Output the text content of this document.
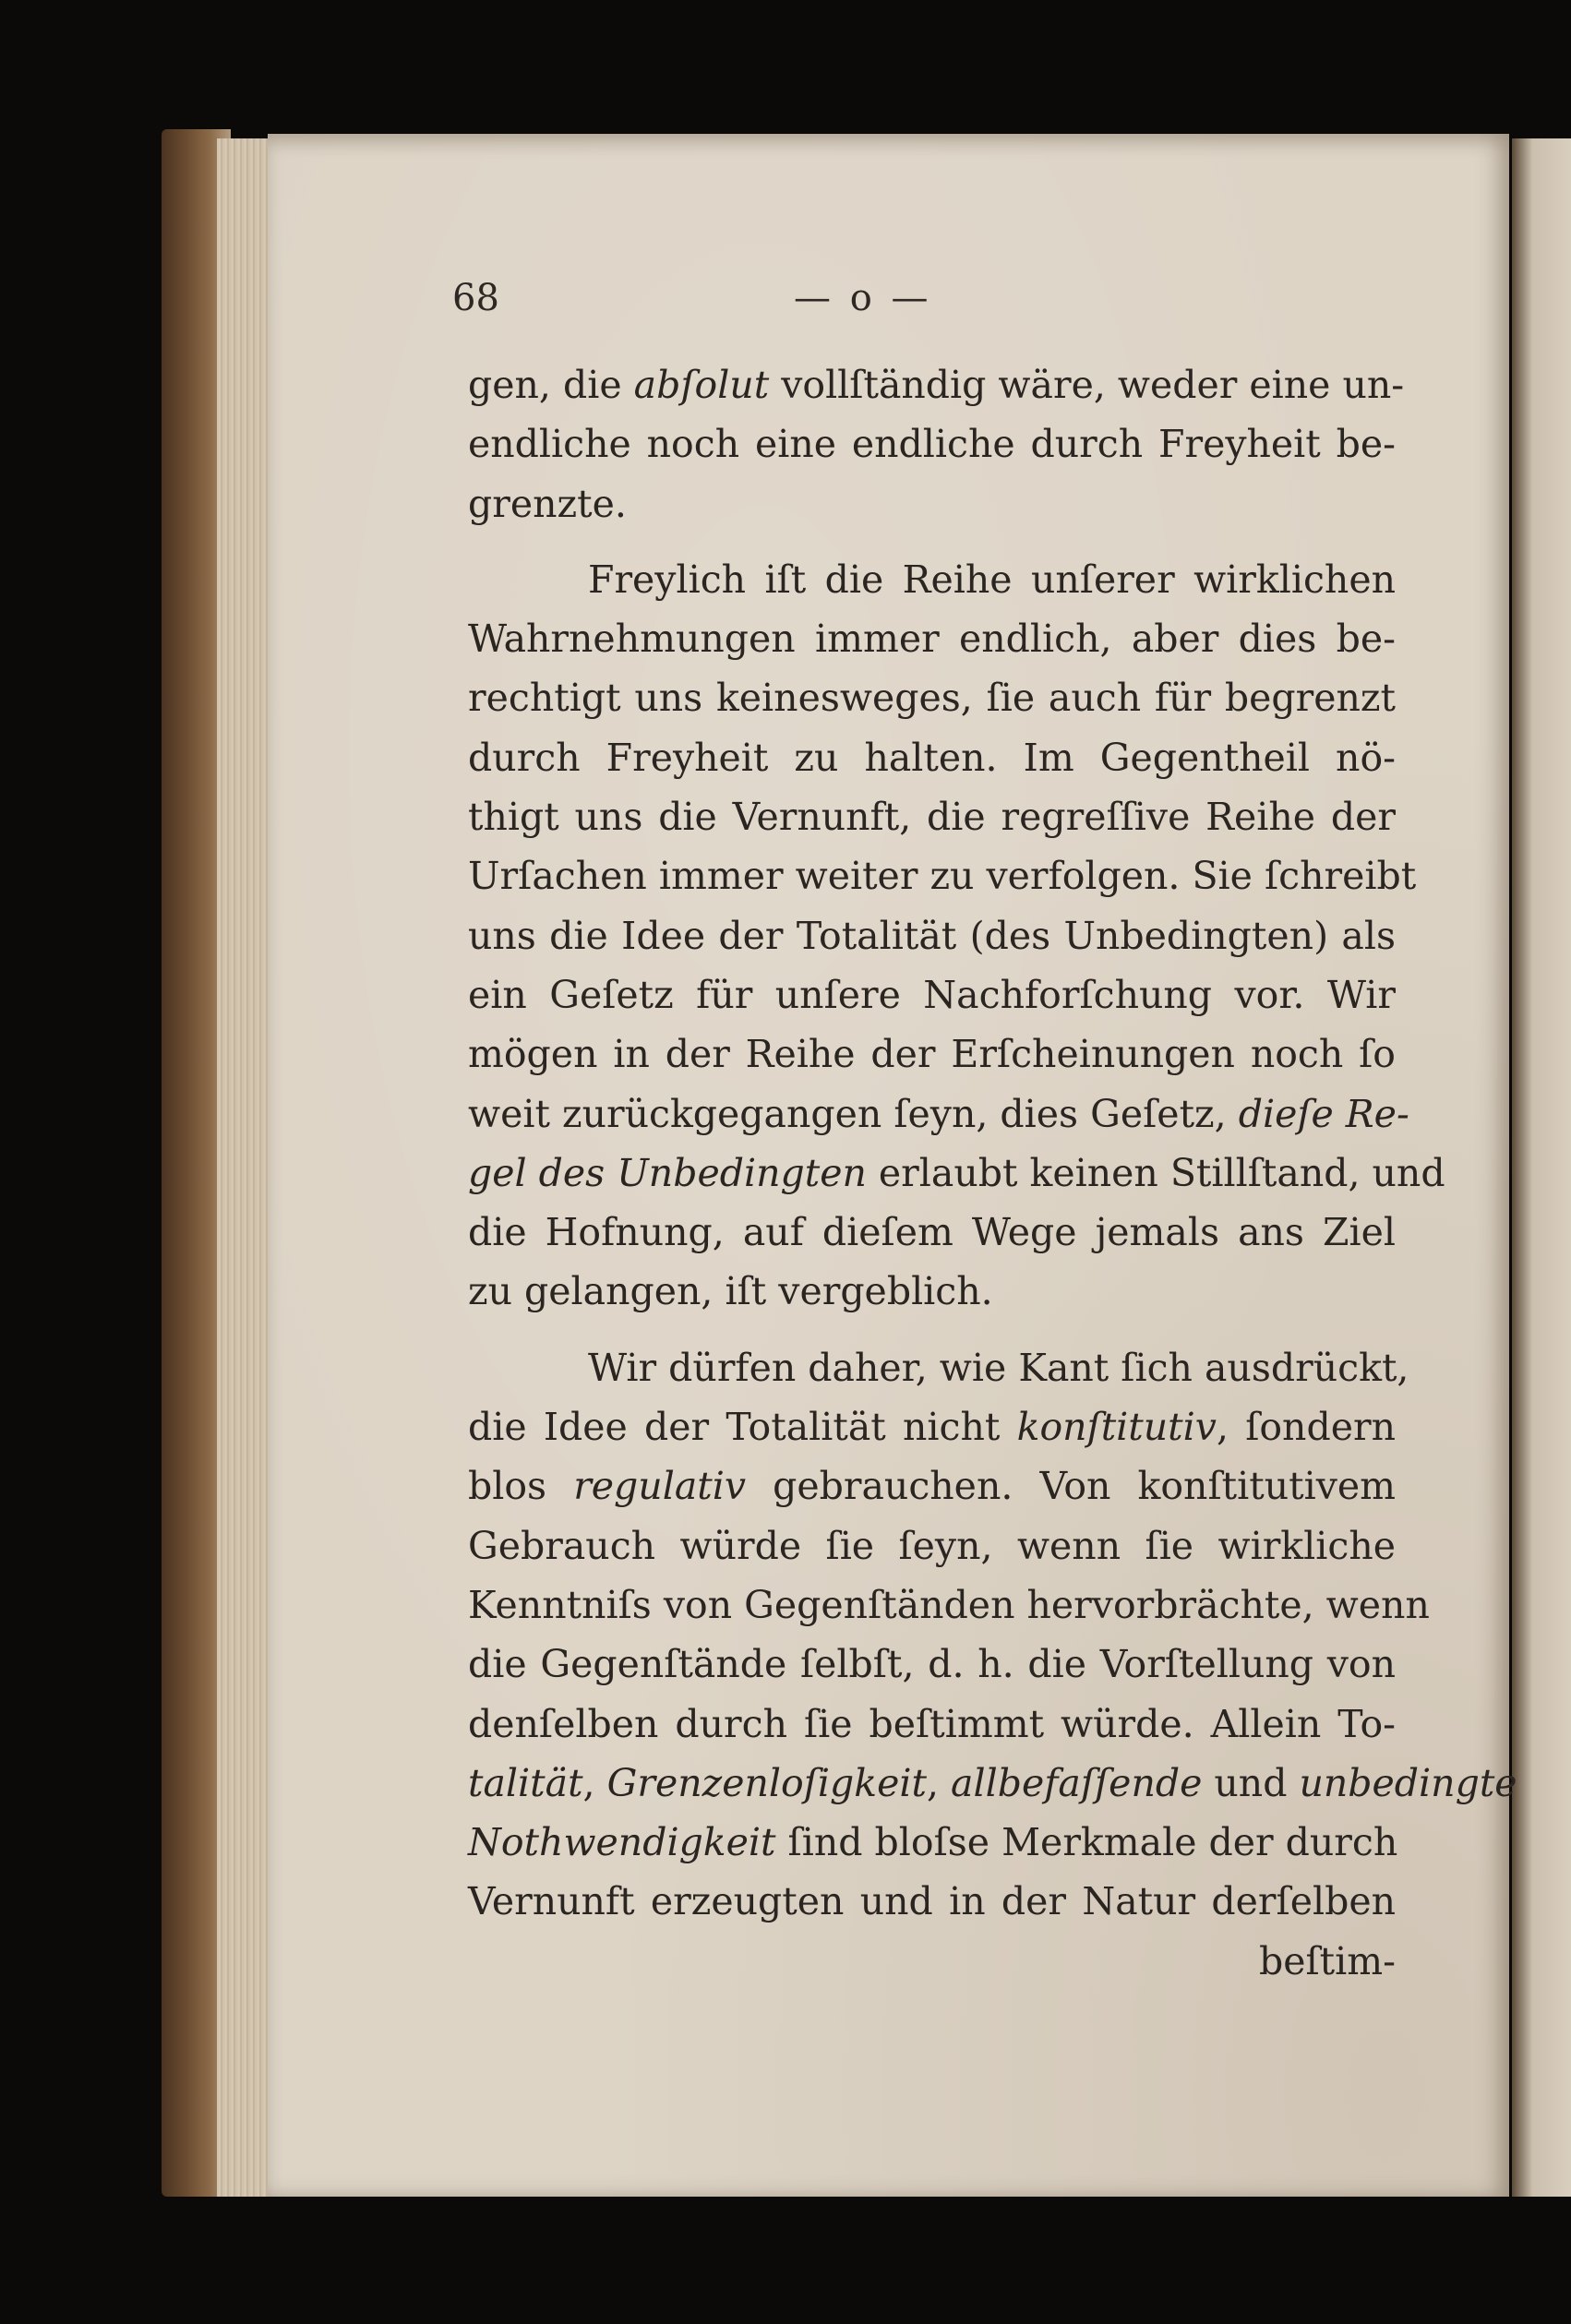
68	— o —
gen, die abſolut vollſtändig wäre, weder eine un-
endliche noch eine endliche durch Freyheit be-
grenzte.
Freylich iſt die Reihe unſerer wirklichen
Wahrnehmungen immer endlich, aber dies be-
rechtigt uns keinesweges, ſie auch für begrenzt
durch Freyheit zu halten. Im Gegentheil nö-
thigt uns die Vernunft, die regreſſive Reihe der
Urſachen immer weiter zu verfolgen. Sie ſchreibt
uns die Idee der Totalität (des Unbedingten) als
ein Geſetz für unſere Nachforſchung vor. Wir
mögen in der Reihe der Erſcheinungen noch ſo
weit zurückgegangen ſeyn, dies Geſetz, dieſe Re-
gel des Unbedingten erlaubt keinen Stillſtand, und
die Hofnung, auf dieſem Wege jemals ans Ziel
zu gelangen, iſt vergeblich.
Wir dürfen daher, wie Kant ſich ausdrückt,
die Idee der Totalität nicht konſtitutiv, ſondern
blos regulativ gebrauchen. Von konſtitutivem
Gebrauch würde ſie ſeyn, wenn ſie wirkliche
Kenntniſs von Gegenſtänden hervorbrächte, wenn
die Gegenſtände ſelbſt, d. h. die Vorſtellung von
denſelben durch ſie beſtimmt würde. Allein To-
talität, Grenzenloſigkeit, allbefaſſende und unbedingte
Nothwendigkeit ſind bloſse Merkmale der durch
Vernunft erzeugten und in der Natur derſelben
beſtim-
